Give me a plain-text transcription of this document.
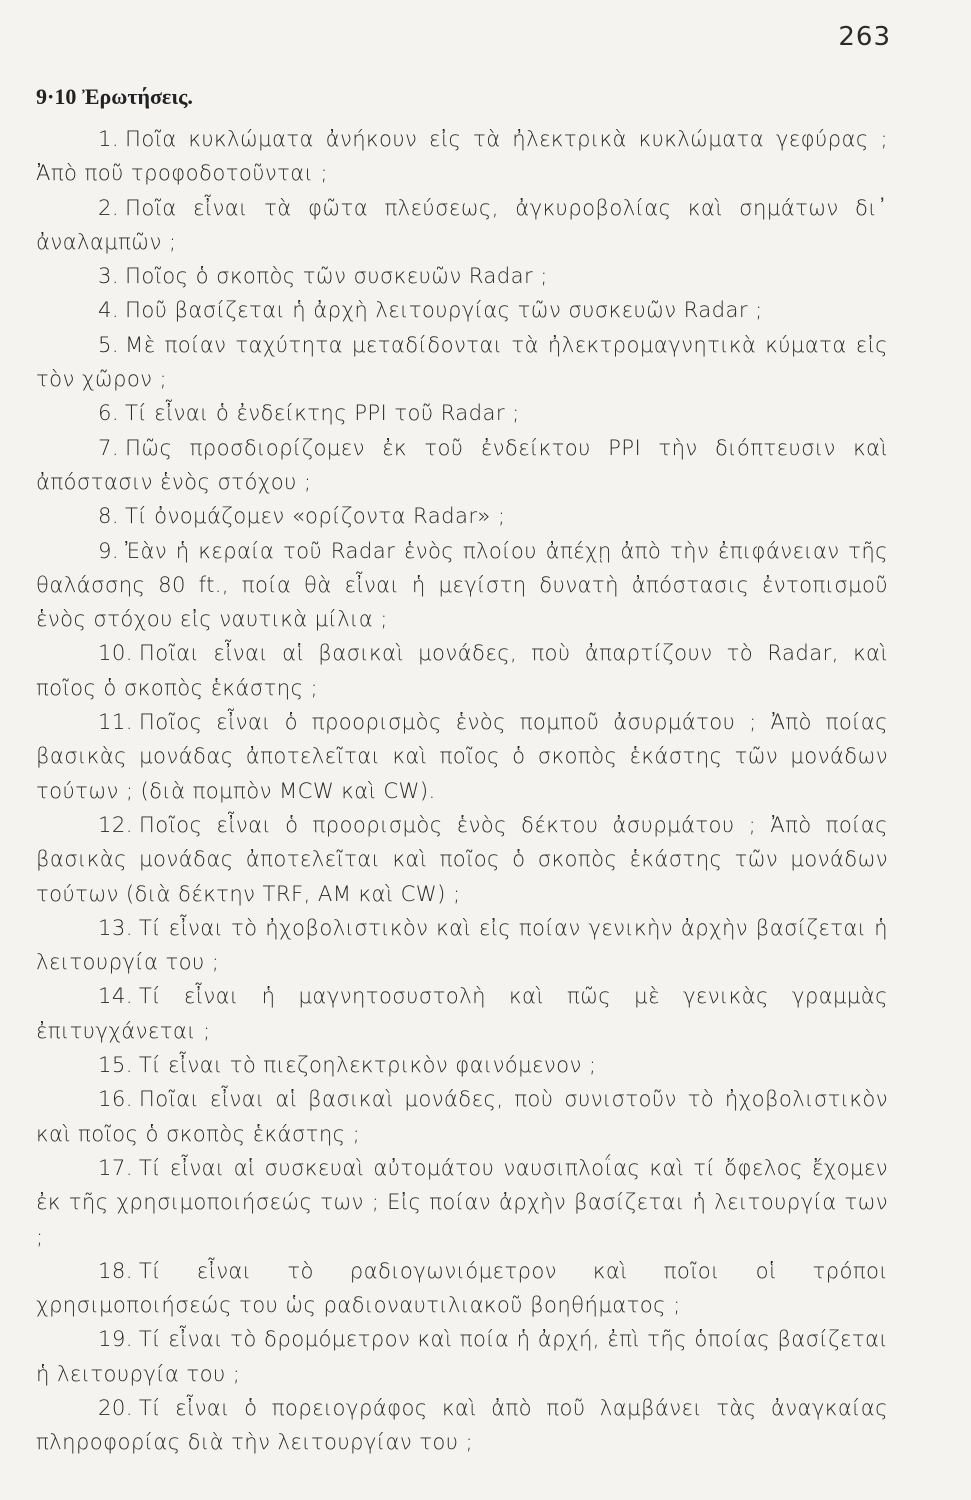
263
9·10 Ἐρωτήσεις.
1. Ποῖα κυκλώματα ἀνήκουν εἰς τὰ ἠλεκτρικὰ κυκλώματα γεφύρας ; Ἀπὸ ποῦ τροφοδοτοῦνται ;
2. Ποῖα εἶναι τὰ φῶτα πλεύσεως, ἀγκυροβολίας καὶ σημάτων δι᾽ ἀναλαμπῶν ;
3. Ποῖος ὁ σκοπὸς τῶν συσκευῶν Radar ;
4. Ποῦ βασίζεται ἡ ἀρχὴ λειτουργίας τῶν συσκευῶν Radar ;
5. Μὲ ποίαν ταχύτητα μεταδίδονται τὰ ἠλεκτρομαγνητικὰ κύματα εἰς τὸν χῶρον ;
6. Τί εἶναι ὁ ἐνδείκτης PPI τοῦ Radar ;
7. Πῶς προσδιορίζομεν ἐκ τοῦ ἐνδείκτου PPI τὴν διόπτευσιν καὶ ἀπόστασιν ἑνὸς στόχου ;
8. Τί ὀνομάζομεν «ορίζοντα Radar» ;
9. Ἐὰν ἡ κεραία τοῦ Radar ἑνὸς πλοίου ἀπέχῃ ἀπὸ τὴν ἐπιφάνειαν τῆς θαλάσσης 80 ft., ποία θὰ εἶναι ἡ μεγίστη δυνατὴ ἀπόστασις ἐντοπισμοῦ ἑνὸς στόχου εἰς ναυτικὰ μίλια ;
10. Ποῖαι εἶναι αἱ βασικαὶ μονάδες, ποὺ ἀπαρτίζουν τὸ Radar, καὶ ποῖος ὁ σκοπὸς ἑκάστης ;
11. Ποῖος εἶναι ὁ προορισμὸς ἑνὸς πομποῦ ἀσυρμάτου ; Ἀπὸ ποίας βασικὰς μονάδας ἀποτελεῖται καὶ ποῖος ὁ σκοπὸς ἑκάστης τῶν μονάδων τούτων ; (διὰ πομπὸν MCW καὶ CW).
12. Ποῖος εἶναι ὁ προορισμὸς ἑνὸς δέκτου ἀσυρμάτου ; Ἀπὸ ποίας βασικὰς μονάδας ἀποτελεῖται καὶ ποῖος ὁ σκοπὸς ἑκάστης τῶν μονάδων τούτων (διὰ δέκτην TRF, AM καὶ CW) ;
13. Τί εἶναι τὸ ἠχοβολιστικὸν καὶ εἰς ποίαν γενικὴν ἀρχὴν βασίζεται ἡ λειτουργία του ;
14. Τί εἶναι ἡ μαγνητοσυστολὴ καὶ πῶς μὲ γενικὰς γραμμὰς ἐπιτυγχάνεται ;
15. Τί εἶναι τὸ πιεζοηλεκτρικὸν φαινόμενον ;
16. Ποῖαι εἶναι αἱ βασικαὶ μονάδες, ποὺ συνιστοῦν τὸ ἠχοβολιστικὸν καὶ ποῖος ὁ σκοπὸς ἑκάστης ;
17. Τί εἶναι αἱ συσκευαὶ αὐτομάτου ναυσιπλοΐας καὶ τί ὄφελος ἔχομεν ἐκ τῆς χρησιμοποιήσεώς των ; Εἰς ποίαν ἀρχὴν βασίζεται ἡ λειτουργία των ;
18. Τί εἶναι τὸ ραδιογωνιόμετρον καὶ ποῖοι οἱ τρόποι χρησιμοποιήσεώς του ὡς ραδιοναυτιλιακοῦ βοηθήματος ;
19. Τί εἶναι τὸ δρομόμετρον καὶ ποία ἡ ἀρχή, ἐπὶ τῆς ὁποίας βασίζεται ἡ λειτουργία του ;
20. Τί εἶναι ὁ πορειογράφος καὶ ἀπὸ ποῦ λαμβάνει τὰς ἀναγκαίας πληροφορίας διὰ τὴν λειτουργίαν του ;
